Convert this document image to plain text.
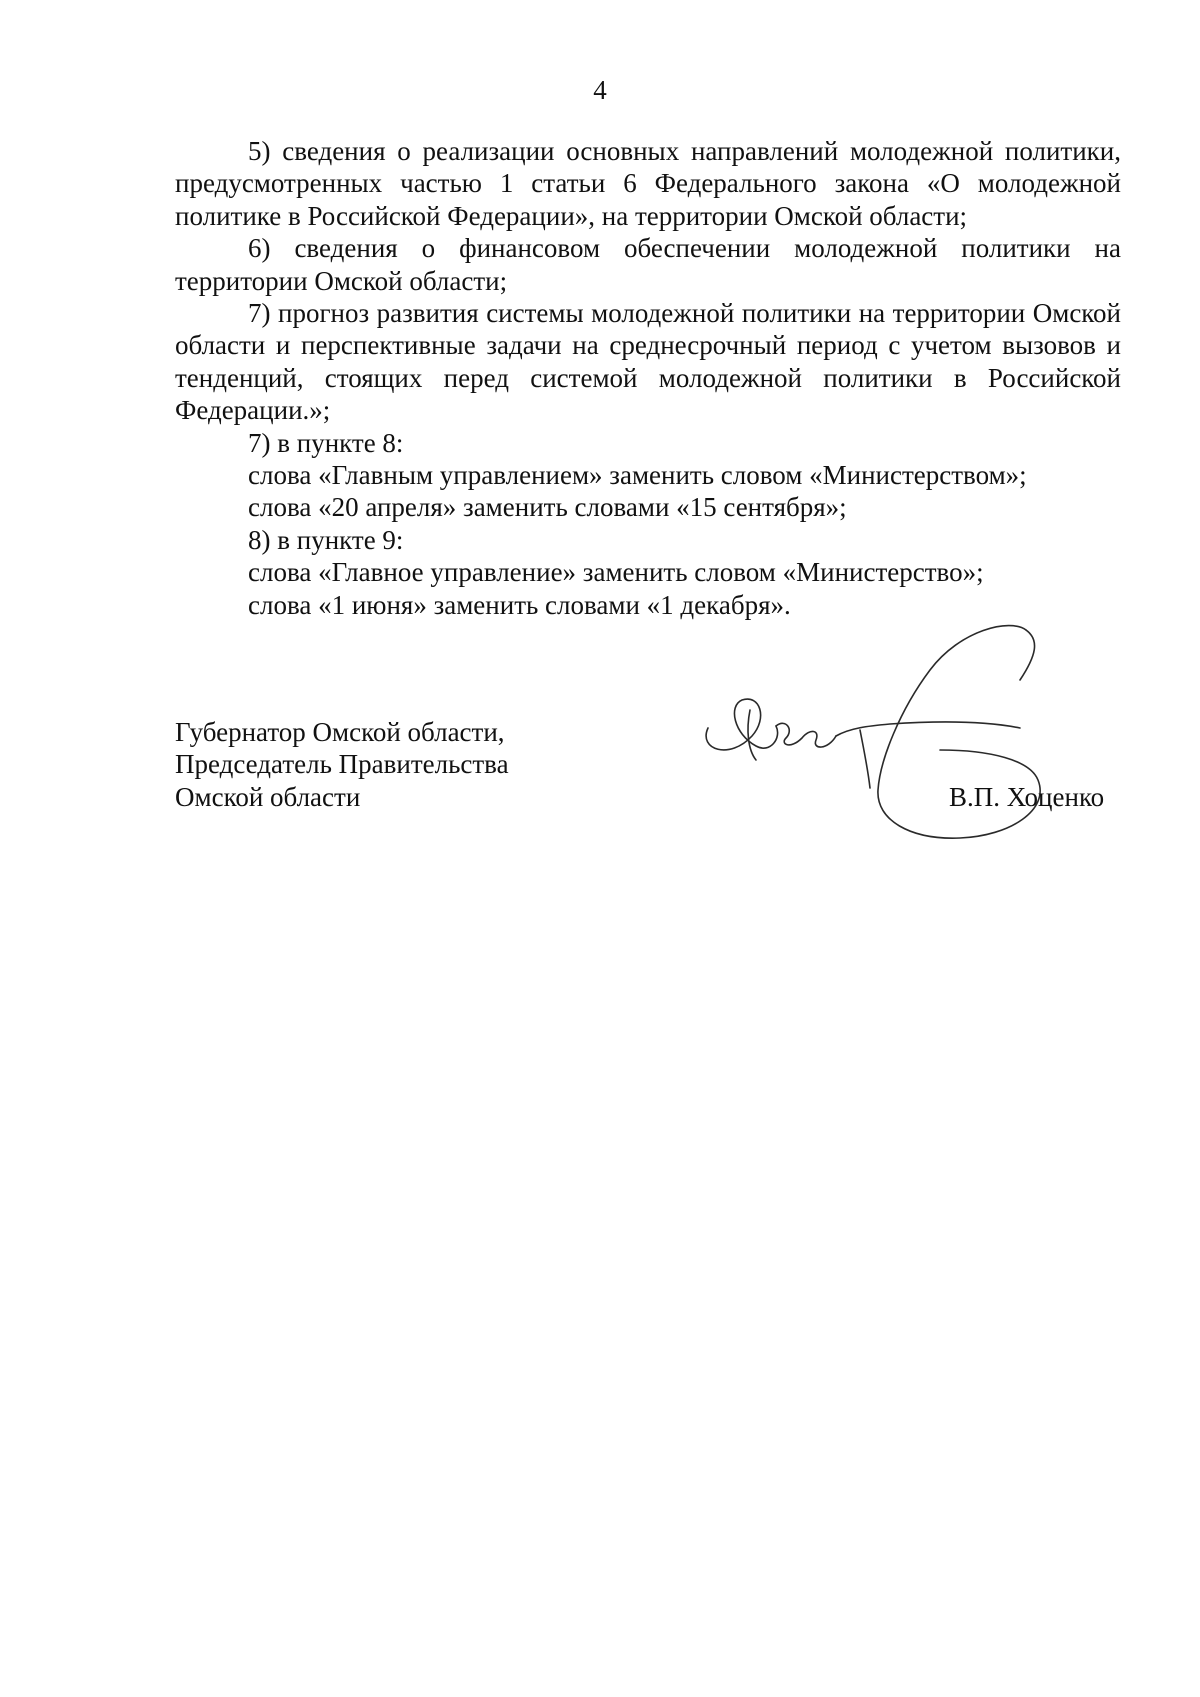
4

5) сведения о реализации основных направлений молодежной политики, предусмотренных частью 1 статьи 6 Федерального закона «О молодежной политике в Российской Федерации», на территории Омской области;

6) сведения о финансовом обеспечении молодежной политики на территории Омской области;

7) прогноз развития системы молодежной политики на территории Омской области и перспективные задачи на среднесрочный период с учетом вызовов и тенденций, стоящих перед системой молодежной политики в Российской Федерации.»;

7) в пункте 8:

слова «Главным управлением» заменить словом «Министерством»;

слова «20 апреля» заменить словами «15 сентября»;

8) в пункте 9:

слова «Главное управление» заменить словом «Министерство»;

слова «1 июня» заменить словами «1 декабря».

Губернатор Омской области,
Председатель Правительства
Омской области	В.П. Хоценко
